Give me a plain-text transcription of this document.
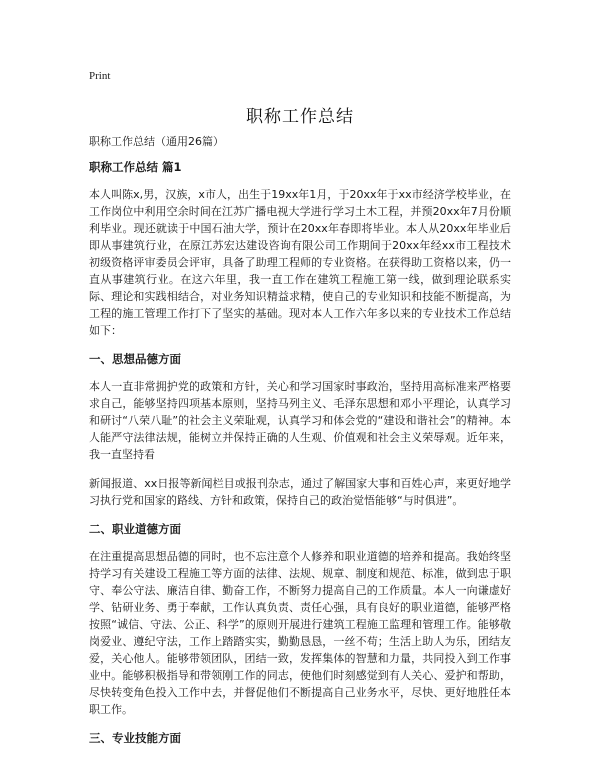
Print
职称工作总结

职称工作总结（通用26篇）

职称工作总结 篇1

本人叫陈x,男，汉族，x市人，出生于19xx年1月，于20xx年于xx市经济学校毕业，在工作岗位中利用空余时间在江苏广播电视大学进行学习土木工程，并预20xx年7月份顺利毕业。现还就读于中国石油大学，预计在20xx年春即将毕业。本人从20xx年毕业后即从事建筑行业，在原江苏宏达建设咨询有限公司工作期间于20xx年经xx市工程技术初级资格评审委员会评审，具备了助理工程师的专业资格。在获得助工资格以来，仍一直从事建筑行业。在这六年里，我一直工作在建筑工程施工第一线，做到理论联系实际、理论和实践相结合，对业务知识精益求精，使自己的专业知识和技能不断提高，为工程的施工管理工作打下了坚实的基础。现对本人工作六年多以来的专业技术工作总结如下：

一、思想品德方面

本人一直非常拥护党的政策和方针，关心和学习国家时事政治，坚持用高标准来严格要求自己，能够坚持四项基本原则，坚持马列主义、毛泽东思想和邓小平理论，认真学习和研讨“八荣八耻”的社会主义荣耻观，认真学习和体会党的“建设和谐社会”的精神。本人能严守法律法规，能树立并保持正确的人生观、价值观和社会主义荣辱观。近年来，我一直坚持看

新闻报道、xx日报等新闻栏目或报刊杂志，通过了解国家大事和百姓心声，来更好地学习执行党和国家的路线、方针和政策，保持自己的政治觉悟能够“与时俱进”。

二、职业道德方面

在注重提高思想品德的同时，也不忘注意个人修养和职业道德的培养和提高。我始终坚持学习有关建设工程施工等方面的法律、法规、规章、制度和规范、标准，做到忠于职守、奉公守法、廉洁自律、勤奋工作，不断努力提高自己的工作质量。本人一向谦虚好学、钻研业务、勇于奉献，工作认真负责、责任心强，具有良好的职业道德，能够严格按照“诚信、守法、公正、科学”的原则开展进行建筑工程施工监理和管理工作。能够敬岗爱业、遵纪守法，工作上踏踏实实，勤勤恳恳，一丝不苟；生活上助人为乐，团结友爱，关心他人。能够带领团队，团结一致，发挥集体的智慧和力量，共同投入到工作事业中。能够积极指导和带领刚工作的同志，使他们时刻感觉到有人关心、爱护和帮助，尽快转变角色投入工作中去，并督促他们不断提高自己业务水平，尽快、更好地胜任本职工作。

三、专业技能方面
